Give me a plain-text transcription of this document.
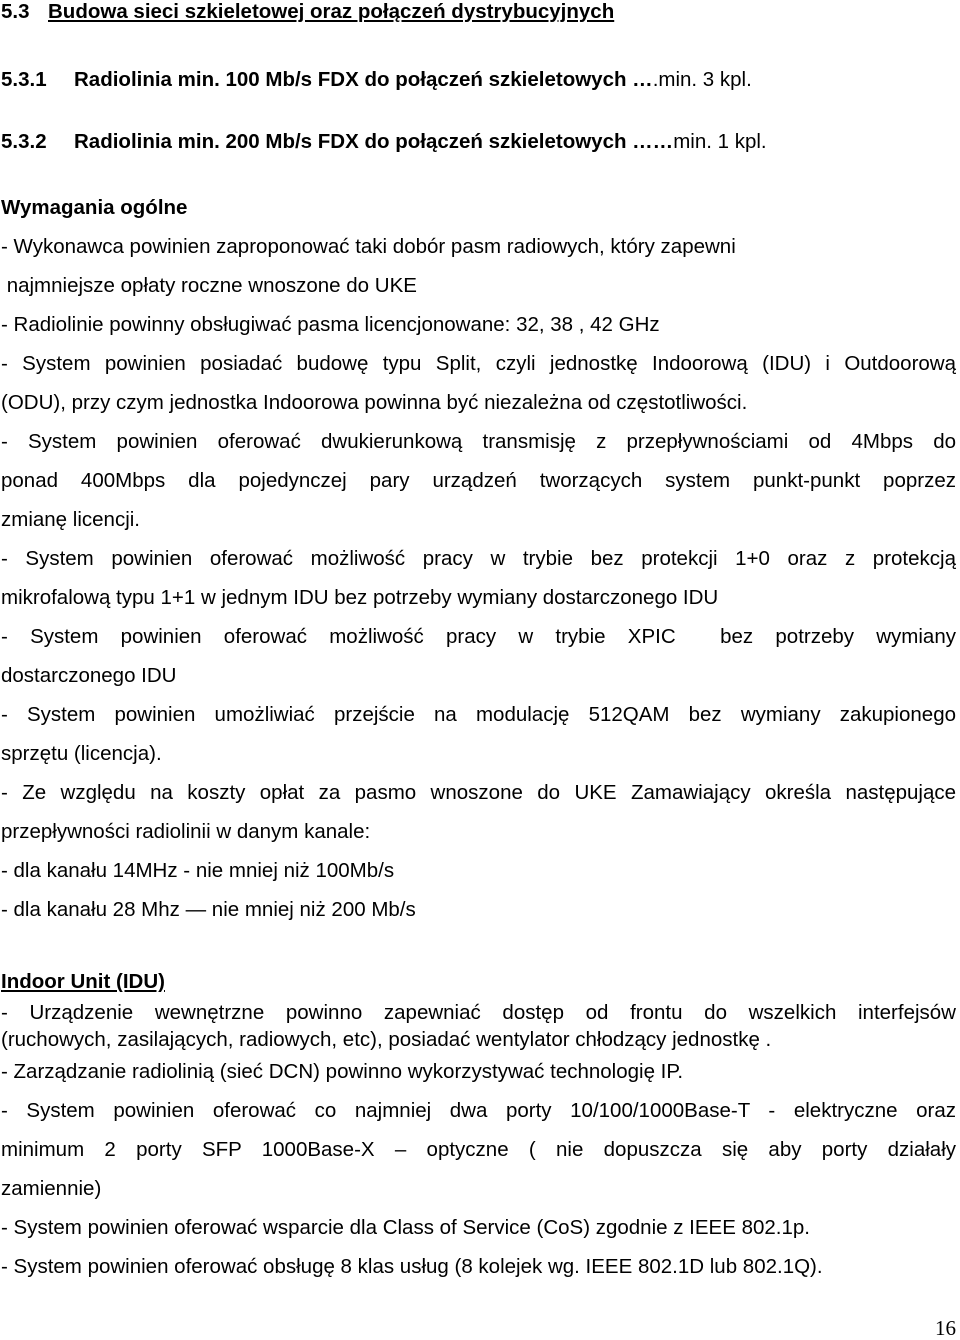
5.3 Budowa sieci szkieletowej oraz połączeń dystrybucyjnych
5.3.1 Radiolinia min. 100 Mb/s FDX do połączeń szkieletowych ….min. 3 kpl.
5.3.2 Radiolinia min. 200 Mb/s FDX do połączeń szkieletowych ……min. 1 kpl.
Wymagania ogólne
- Wykonawca powinien zaproponować taki dobór pasm radiowych, który zapewni
najmniejsze opłaty roczne wnoszone do UKE
- Radiolinie powinny obsługiwać pasma licencjonowane: 32, 38 , 42 GHz
- System powinien posiadać budowę typu Split, czyli jednostkę Indoorową (IDU) i Outdoorową
(ODU), przy czym jednostka Indoorowa powinna być niezależna od częstotliwości.
- System powinien oferować dwukierunkową transmisję z przepływnościami od 4Mbps do
ponad 400Mbps dla pojedynczej pary urządzeń tworzących system punkt-punkt poprzez
zmianę licencji.
- System powinien oferować możliwość pracy w trybie bez protekcji 1+0 oraz z protekcją
mikrofalową typu 1+1 w jednym IDU bez potrzeby wymiany dostarczonego IDU
- System powinien oferować możliwość pracy w trybie XPIC  bez potrzeby wymiany
dostarczonego IDU
- System powinien umożliwiać przejście na modulację 512QAM bez wymiany zakupionego
sprzętu (licencja).
- Ze względu na koszty opłat za pasmo wnoszone do UKE Zamawiający określa następujące
przepływności radiolinii w danym kanale:
- dla kanału 14MHz - nie mniej niż 100Mb/s
- dla kanału 28 Mhz — nie mniej niż 200 Mb/s
Indoor Unit (IDU)
- Urządzenie wewnętrzne powinno zapewniać dostęp od frontu do wszelkich interfejsów
(ruchowych, zasilających, radiowych, etc), posiadać wentylator chłodzący jednostkę .
- Zarządzanie radiolinią (sieć DCN) powinno wykorzystywać technologię IP.
- System powinien oferować co najmniej dwa porty 10/100/1000Base-T - elektryczne oraz
minimum 2 porty SFP 1000Base-X – optyczne ( nie dopuszcza się aby porty działały
zamiennie)
- System powinien oferować wsparcie dla Class of Service (CoS) zgodnie z IEEE 802.1p.
- System powinien oferować obsługę 8 klas usług (8 kolejek wg. IEEE 802.1D lub 802.1Q).
16
